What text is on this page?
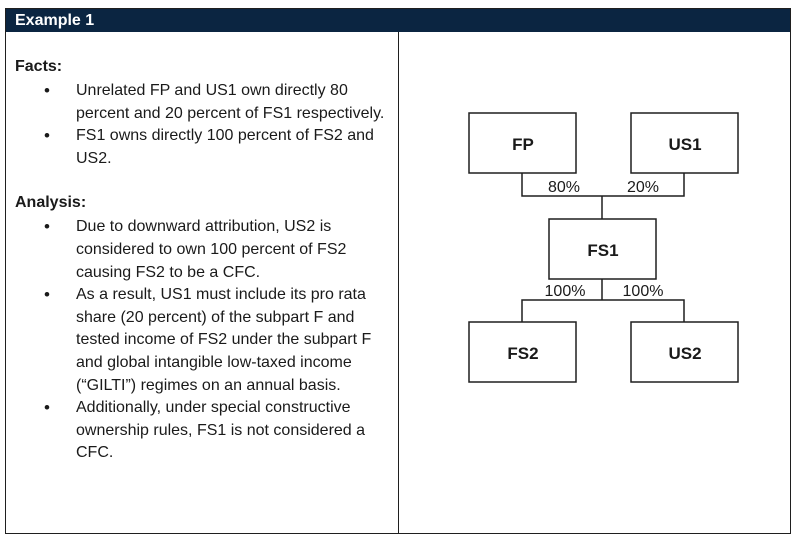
Example 1

Facts:

• Unrelated FP and US1 own directly 80 percent and 20 percent of FS1 respectively.
• FS1 owns directly 100 percent of FS2 and US2.

Analysis:

• Due to downward attribution, US2 is considered to own 100 percent of FS2 causing FS2 to be a CFC.
• As a result, US1 must include its pro rata share (20 percent) of the subpart F and tested income of FS2 under the subpart F and global intangible low-taxed income (“GILTI”) regimes on an annual basis.
• Additionally, under special constructive ownership rules, FS1 is not considered a CFC.
FP	US1
FS1
FS2	US2
80%	20%
100% 100%
